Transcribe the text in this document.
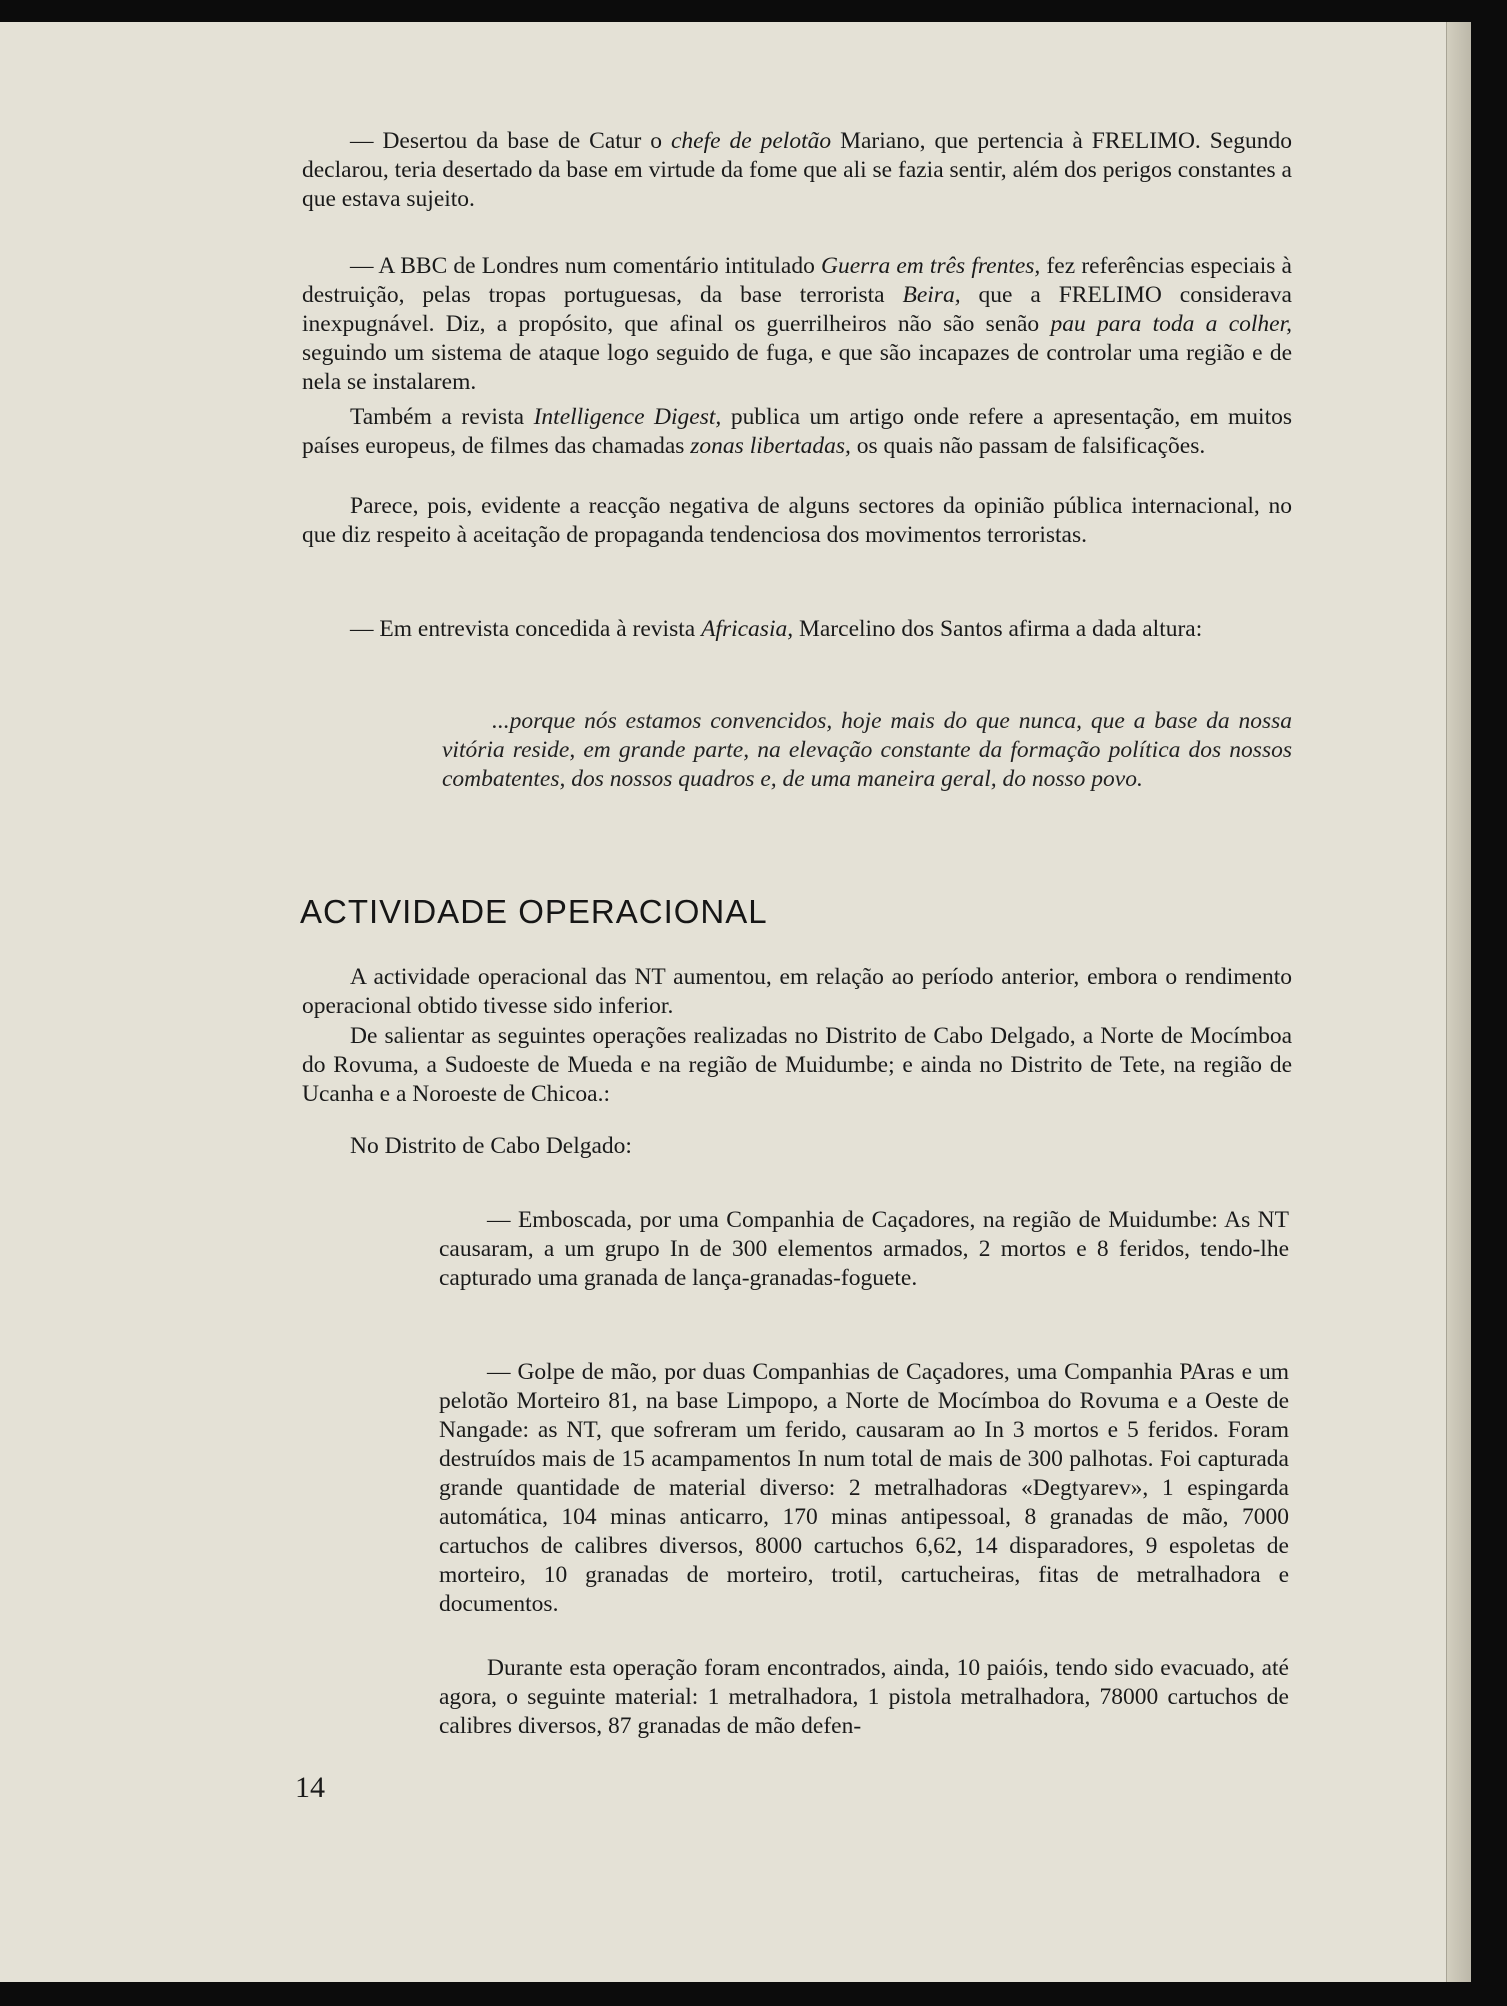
— Desertou da base de Catur o chefe de pelotão Mariano, que pertencia à FRELIMO. Segundo declarou, teria desertado da base em virtude da fome que ali se fazia sentir, além dos perigos constantes a que estava sujeito.

— A BBC de Londres num comentário intitulado Guerra em três frentes, fez referências especiais à destruição, pelas tropas portuguesas, da base terrorista Beira, que a FRELIMO considerava inexpugnável. Diz, a propósito, que afinal os guerrilheiros não são senão pau para toda a colher, seguindo um sistema de ataque logo seguido de fuga, e que são incapazes de controlar uma região e de nela se instalarem.

Também a revista Intelligence Digest, publica um artigo onde refere a apresentação, em muitos países europeus, de filmes das chamadas zonas libertadas, os quais não passam de falsificações.

Parece, pois, evidente a reacção negativa de alguns sectores da opinião pública internacional, no que diz respeito à aceitação de propaganda tendenciosa dos movimentos terroristas.

— Em entrevista concedida à revista Africasia, Marcelino dos Santos afirma a dada altura:

...porque nós estamos convencidos, hoje mais do que nunca, que a base da nossa vitória reside, em grande parte, na elevação constante da formação política dos nossos combatentes, dos nossos quadros e, de uma maneira geral, do nosso povo.

ACTIVIDADE OPERACIONAL

A actividade operacional das NT aumentou, em relação ao período anterior, embora o rendimento operacional obtido tivesse sido inferior.

De salientar as seguintes operações realizadas no Distrito de Cabo Delgado, a Norte de Mocímboa do Rovuma, a Sudoeste de Mueda e na região de Muidumbe; e ainda no Distrito de Tete, na região de Ucanha e a Noroeste de Chicoa.:

No Distrito de Cabo Delgado:

— Emboscada, por uma Companhia de Caçadores, na região de Muidumbe: As NT causaram, a um grupo In de 300 elementos armados, 2 mortos e 8 feridos, tendo-lhe capturado uma granada de lança-granadas-foguete.

— Golpe de mão, por duas Companhias de Caçadores, uma Companhia PAras e um pelotão Morteiro 81, na base Limpopo, a Norte de Mocímboa do Rovuma e a Oeste de Nangade: as NT, que sofreram um ferido, causaram ao In 3 mortos e 5 feridos. Foram destruídos mais de 15 acampamentos In num total de mais de 300 palhotas. Foi capturada grande quantidade de material diverso: 2 metralhadoras «Degtyarev», 1 espingarda automática, 104 minas anticarro, 170 minas antipessoal, 8 granadas de mão, 7000 cartuchos de calibres diversos, 8000 cartuchos 6,62, 14 disparadores, 9 espoletas de morteiro, 10 granadas de morteiro, trotil, cartucheiras, fitas de metralhadora e documentos.

Durante esta operação foram encontrados, ainda, 10 paióis, tendo sido evacuado, até agora, o seguinte material: 1 metralhadora, 1 pistola metralhadora, 78000 cartuchos de calibres diversos, 87 granadas de mão defen-

14
